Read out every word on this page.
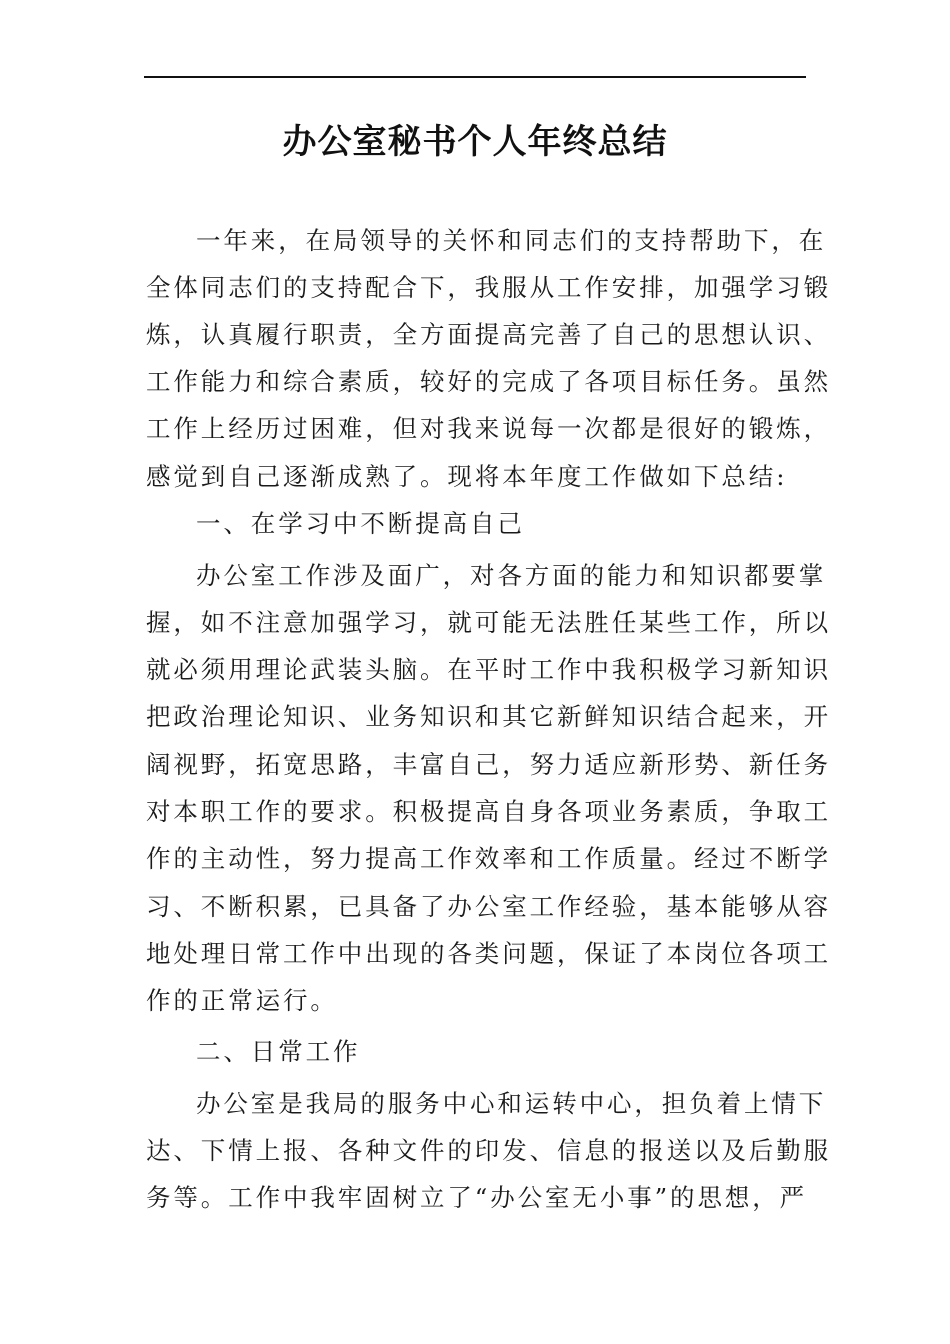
办公室秘书个人年终总结
一年来，在局领导的关怀和同志们的支持帮助下，在
全体同志们的支持配合下，我服从工作安排，加强学习锻
炼，认真履行职责，全方面提高完善了自己的思想认识、
工作能力和综合素质，较好的完成了各项目标任务。虽然
工作上经历过困难，但对我来说每一次都是很好的锻炼，
感觉到自己逐渐成熟了。现将本年度工作做如下总结:
一、在学习中不断提高自己
办公室工作涉及面广，对各方面的能力和知识都要掌
握，如不注意加强学习，就可能无法胜任某些工作，所以
就必须用理论武装头脑。在平时工作中我积极学习新知识
把政治理论知识、业务知识和其它新鲜知识结合起来，开
阔视野，拓宽思路，丰富自己，努力适应新形势、新任务
对本职工作的要求。积极提高自身各项业务素质，争取工
作的主动性，努力提高工作效率和工作质量。经过不断学
习、不断积累，已具备了办公室工作经验，基本能够从容
地处理日常工作中出现的各类问题，保证了本岗位各项工
作的正常运行。
二、日常工作
办公室是我局的服务中心和运转中心，担负着上情下
达、下情上报、各种文件的印发、信息的报送以及后勤服
务等。工作中我牢固树立了“办公室无小事”的思想，严
